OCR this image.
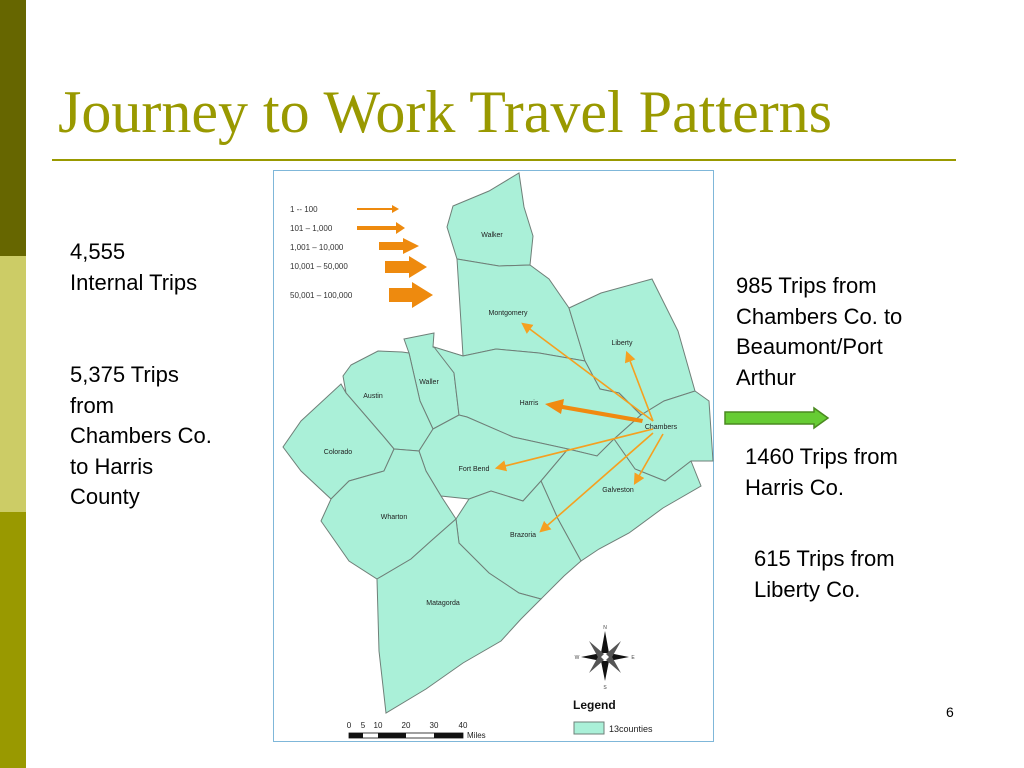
Journey to Work Travel Patterns
4,555
Internal Trips
5,375 Trips
from
Chambers Co.
to Harris
County
985 Trips from
Chambers Co. to
Beaumont/Port
Arthur
1460 Trips from
Harris Co.
615 Trips from
Liberty Co.
6
Walker
Montgomery
Liberty
Waller
Harris
Austin
Chambers
Colorado
Fort Bend
Galveston
Wharton
Brazoria
Matagorda
1 -- 100
101 – 1,000
1,001 – 10,000
10,001 – 50,000
50,001 – 100,000
N
E
S
W
Legend
13counties
0 5 10 20 30	40
Miles
